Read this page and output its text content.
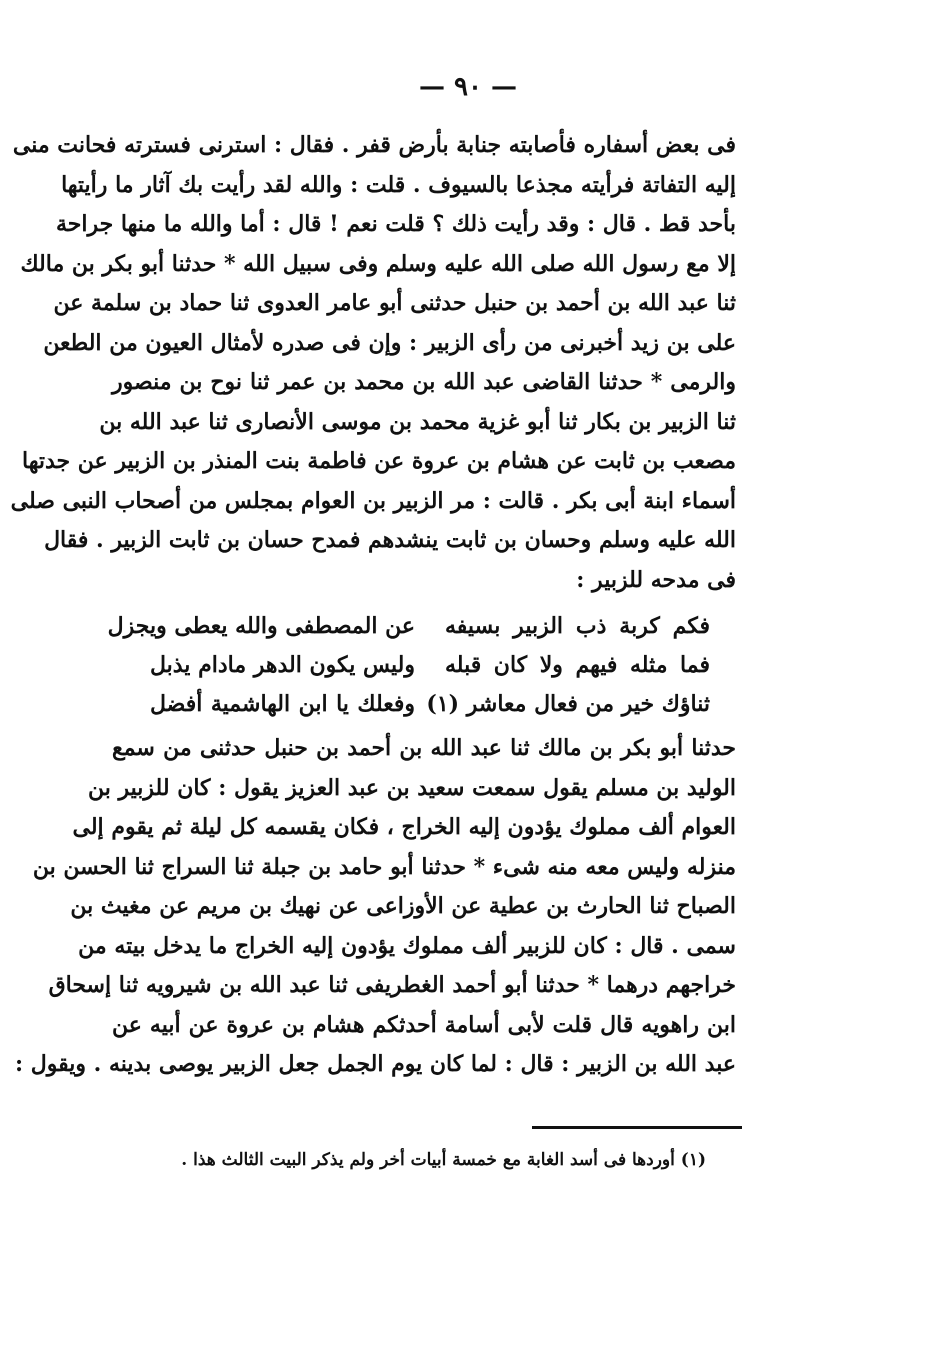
— ٩٠ —
فى بعض أسفاره فأصابته جنابة بأرض قفر . فقال : استرنى فسترته فحانت منى
إليه التفاتة فرأيته مجذعا بالسيوف . قلت : والله لقد رأيت بك آثار ما رأيتها
بأحد قط . قال : وقد رأيت ذلك ؟ قلت نعم ! قال : أما والله ما منها جراحة
إلا مع رسول الله صلى الله عليه وسلم وفى سبيل الله * حدثنا أبو بكر بن مالك
ثنا عبد الله بن أحمد بن حنبل حدثنى أبو عامر العدوى ثنا حماد بن سلمة عن
على بن زيد أخبرنى من رأى الزبير : وإن فى صدره لأمثال العيون من الطعن
والرمى * حدثنا القاضى عبد الله بن محمد بن عمر ثنا نوح بن منصور
ثنا الزبير بن بكار ثنا أبو غزية محمد بن موسى الأنصارى ثنا عبد الله بن
مصعب بن ثابت عن هشام بن عروة عن فاطمة بنت المنذر بن الزبير عن جدتها
أسماء ابنة أبى بكر . قالت : مر الزبير بن العوام بمجلس من أصحاب النبى صلى
الله عليه وسلم وحسان بن ثابت ينشدهم فمدح حسان بن ثابت الزبير . فقال
فى مدحه للزبير :
فكم كربة ذب الزبير بسيفه
عن المصطفى والله يعطى ويجزل
فما مثله فيهم ولا كان قبله
وليس يكون الدهر مادام يذبل
ثناؤك خير من فعال معاشر (١)
وفعلك يا ابن الهاشمية أفضل
حدثنا أبو بكر بن مالك ثنا عبد الله بن أحمد بن حنبل حدثنى من سمع
الوليد بن مسلم يقول سمعت سعيد بن عبد العزيز يقول : كان للزبير بن
العوام ألف مملوك يؤدون إليه الخراج ، فكان يقسمه كل ليلة ثم يقوم إلى
منزله وليس معه منه شىء * حدثنا أبو حامد بن جبلة ثنا السراج ثنا الحسن بن
الصباح ثنا الحارث بن عطية عن الأوزاعى عن نهيك بن مريم عن مغيث بن
سمى . قال : كان للزبير ألف مملوك يؤدون إليه الخراج ما يدخل بيته من
خراجهم درهما * حدثنا أبو أحمد الغطريفى ثنا عبد الله بن شيرويه ثنا إسحاق
ابن راهويه قال قلت لأبى أسامة أحدثكم هشام بن عروة عن أبيه عن
عبد الله بن الزبير : قال : لما كان يوم الجمل جعل الزبير يوصى بدينه . ويقول :
(١) أوردها فى أسد الغابة مع خمسة أبيات أخر ولم يذكر البيت الثالث هذا .
